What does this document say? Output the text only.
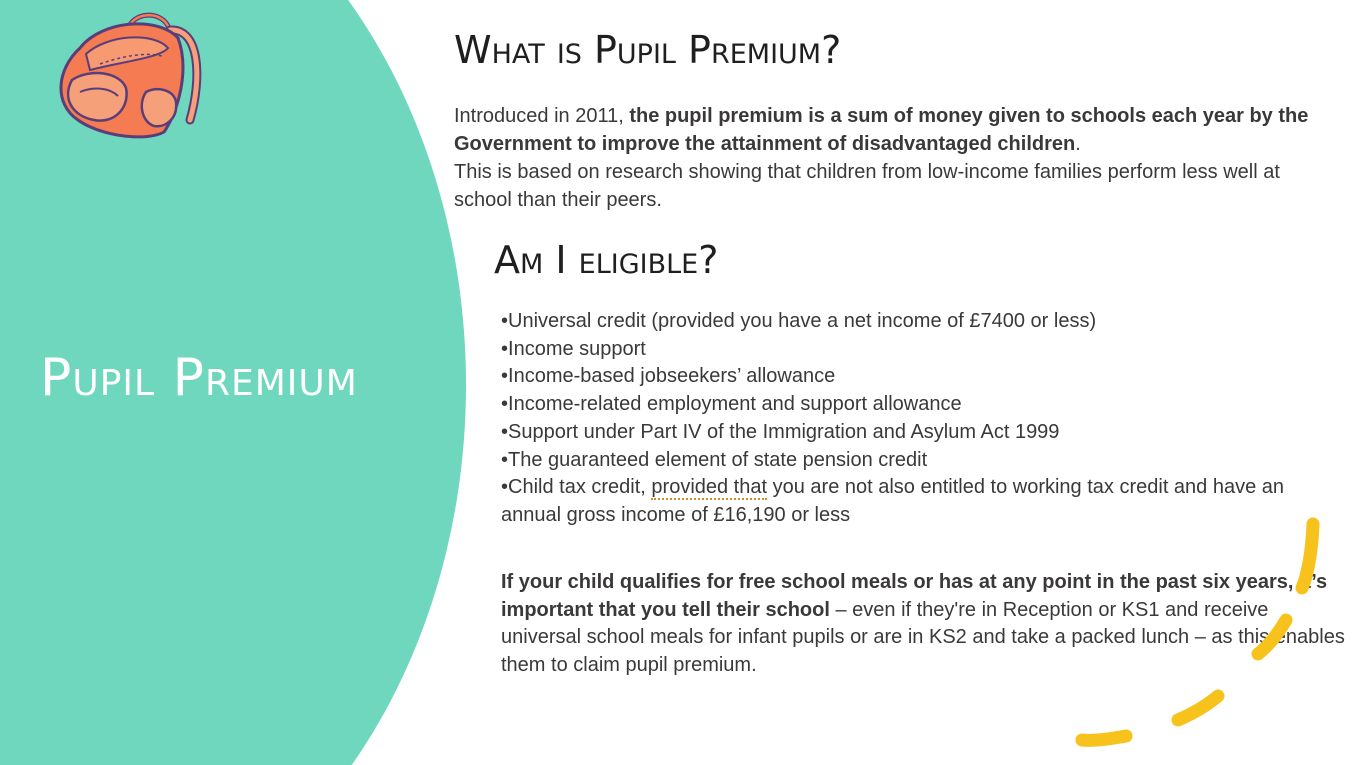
Pupil Premium
What is Pupil Premium?

Introduced in 2011, the pupil premium is a sum of money given to schools each year by the Government to improve the attainment of disadvantaged children.
This is based on research showing that children from low-income families perform less well at school than their peers.

Am I eligible?
• Universal credit (provided you have a net income of £7400 or less)
• Income support
• Income-based jobseekers’ allowance
• Income-related employment and support allowance
• Support under Part IV of the Immigration and Asylum Act 1999
• The guaranteed element of state pension credit
• Child tax credit, provided that you are not also entitled to working tax credit and have an annual gross income of £16,190 or less

If your child qualifies for free school meals or has at any point in the past six years, it’s important that you tell their school – even if they're in Reception or KS1 and receive universal school meals for infant pupils or are in KS2 and take a packed lunch – as this enables them to claim pupil premium.
